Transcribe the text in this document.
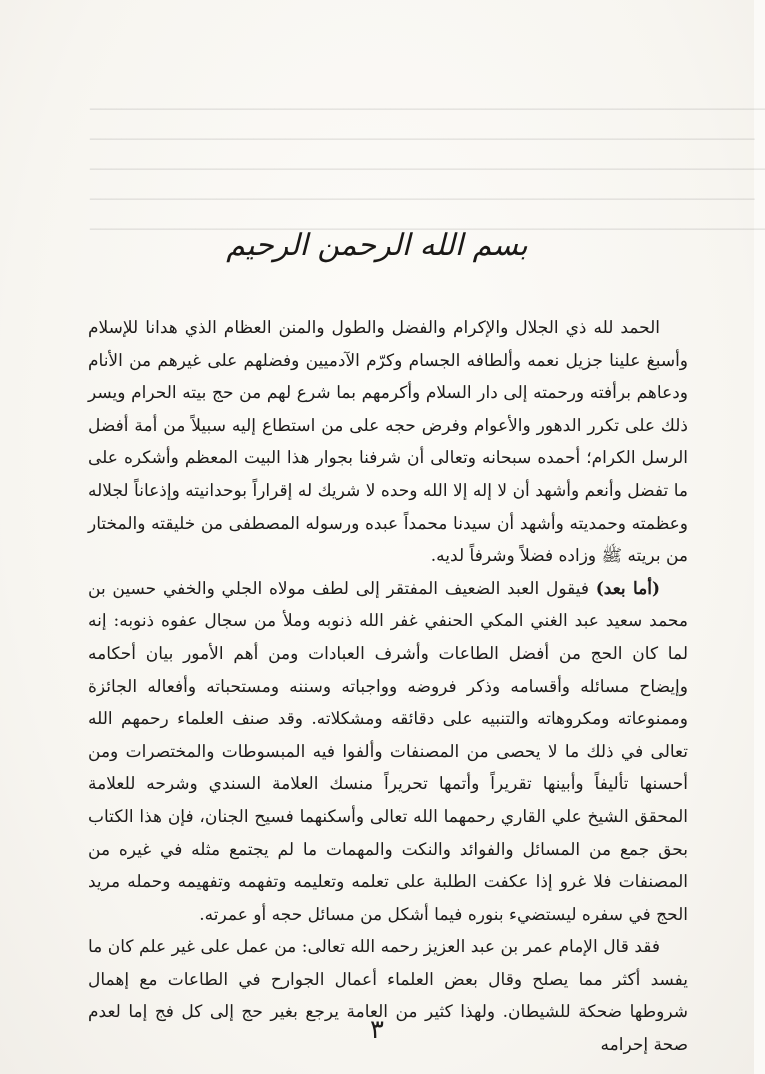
ــــــــــــــــــــــــــــــــــــــــــــــــــــــــــــــــــــــــــــــــــــــــــــــــــــــــــــــــــــــــــــــــ ــــــــــــــــــــــــــــــــــــــــــــــــــــــــــــــــــــــــــــــــــــــــــــــــــــــــــــــــــــــــــــــ ــــــــــــــــــــــــــــــــــــــــــــــــــــــــــــــــــــــــــــــــــــــــــــــــــــــــــــــــــــــــــــــــ ــــــــــــــــــــــــــــــــــــــــــــــــــــــــــــــــــــــــــــــــــــــــــــــــــــــــــــــــــــــــــــــ ــــــــــــــــــــــــــــــــــــــــــــــــــــــــــــــــــــــــــــــــــــــــــــــــــــــــــــــــــــــــــــــــ
بسم الله الرحمن الرحيم

الحمد لله ذي الجلال والإكرام والفضل والطول والمنن العظام الذي هدانا للإسلام وأسبغ علينا جزيل نعمه وألطافه الجسام وكرّم الآدميين وفضلهم على غيرهم من الأنام ودعاهم برأفته ورحمته إلى دار السلام وأكرمهم بما شرع لهم من حج بيته الحرام ويسر ذلك على تكرر الدهور والأعوام وفرض حجه على من استطاع إليه سبيلاً من أمة أفضل الرسل الكرام؛ أحمده سبحانه وتعالى أن شرفنا بجوار هذا البيت المعظم وأشكره على ما تفضل وأنعم وأشهد أن لا إله إلا الله وحده لا شريك له إقراراً بوحدانيته وإذعاناً لجلاله وعظمته وحمديته وأشهد أن سيدنا محمداً عبده ورسوله المصطفى من خليقته والمختار من بريته ﷺ وزاده فضلاً وشرفاً لديه.

(أما بعد) فيقول العبد الضعيف المفتقر إلى لطف مولاه الجلي والخفي حسين بن محمد سعيد عبد الغني المكي الحنفي غفر الله ذنوبه وملأ من سجال عفوه ذنوبه: إنه لما كان الحج من أفضل الطاعات وأشرف العبادات ومن أهم الأمور بيان أحكامه وإيضاح مسائله وأقسامه وذكر فروضه وواجباته وسننه ومستحباته وأفعاله الجائزة وممنوعاته ومكروهاته والتنبيه على دقائقه ومشكلاته. وقد صنف العلماء رحمهم الله تعالى في ذلك ما لا يحصى من المصنفات وألفوا فيه المبسوطات والمختصرات ومن أحسنها تأليفاً وأبينها تقريراً وأتمها تحريراً منسك العلامة السندي وشرحه للعلامة المحقق الشيخ علي القاري رحمهما الله تعالى وأسكنهما فسيح الجنان، فإن هذا الكتاب بحق جمع من المسائل والفوائد والنكت والمهمات ما لم يجتمع مثله في غيره من المصنفات فلا غرو إذا عكفت الطلبة على تعلمه وتعليمه وتفهمه وتفهيمه وحمله مريد الحج في سفره ليستضيء بنوره فيما أشكل من مسائل حجه أو عمرته.

فقد قال الإمام عمر بن عبد العزيز رحمه الله تعالى: من عمل على غير علم كان ما يفسد أكثر مما يصلح وقال بعض العلماء أعمال الجوارح في الطاعات مع إهمال شروطها ضحكة للشيطان. ولهذا كثير من العامة يرجع بغير حج إلى كل فج إما لعدم صحة إحرامه

٣
